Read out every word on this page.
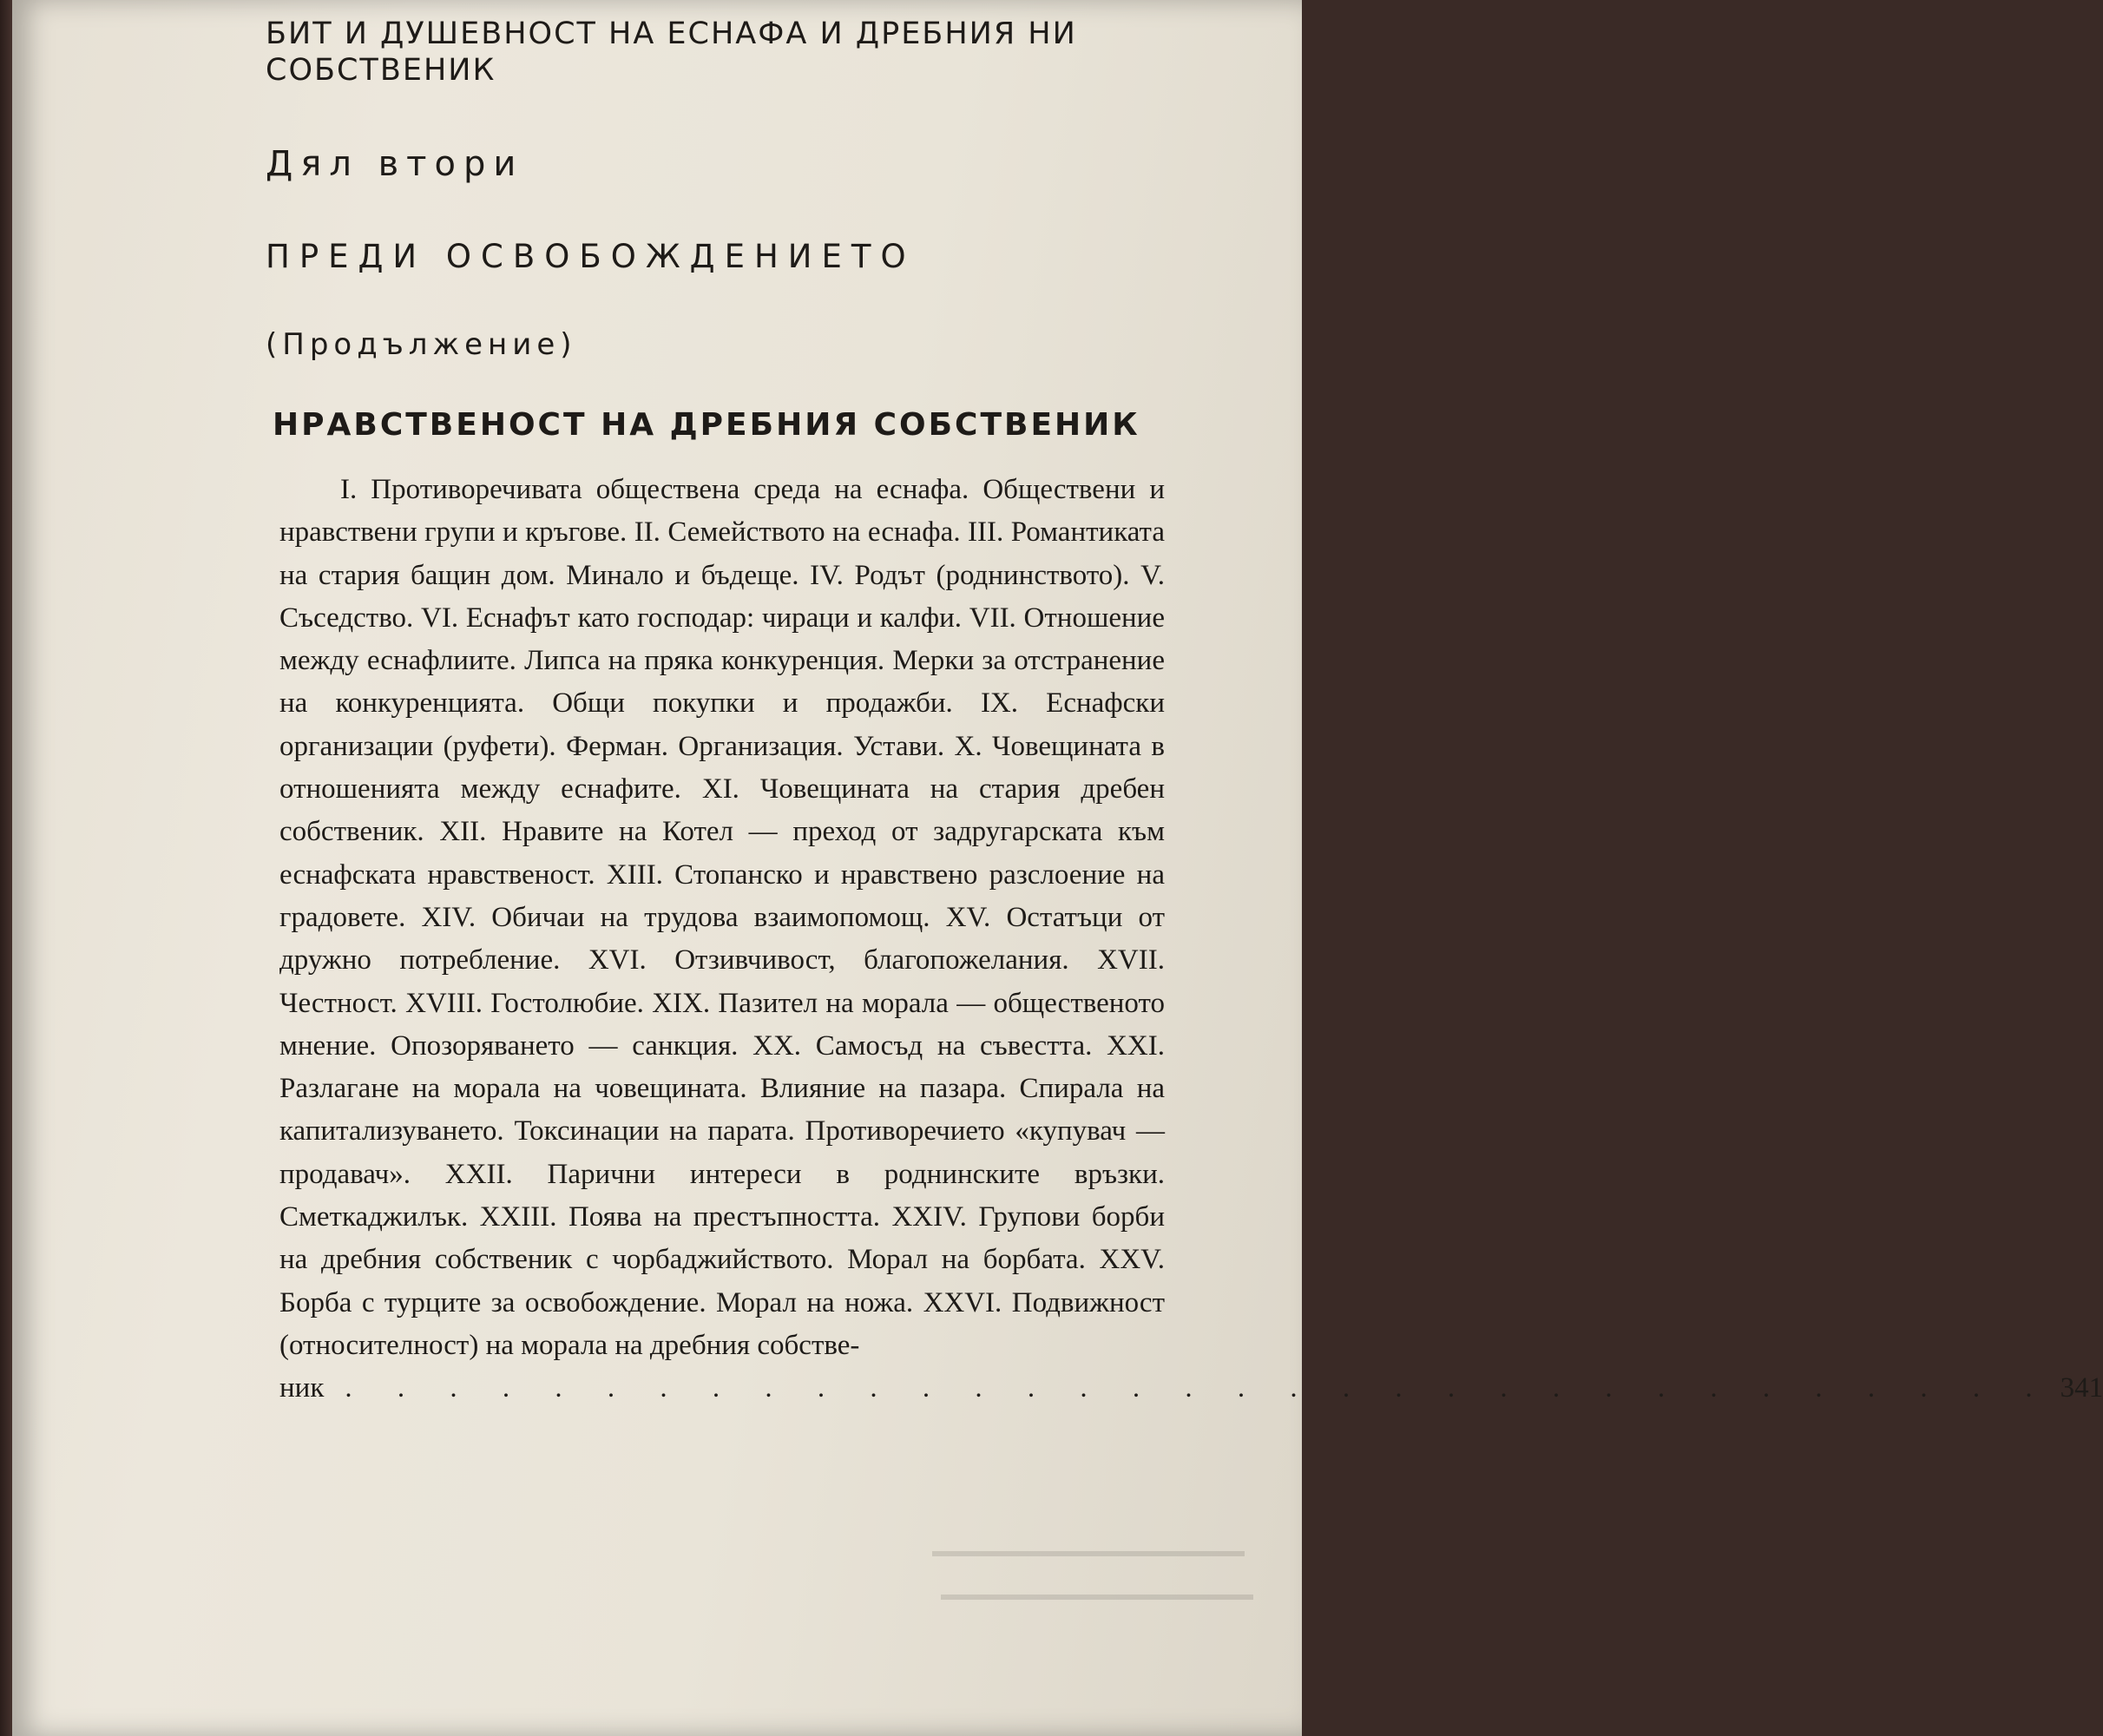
БИТ И ДУШЕВНОСТ НА ЕСНАФА И ДРЕБНИЯ НИ СОБСТВЕНИК
Дял втори
ПРЕДИ ОСВОБОЖДЕНИЕТО
(Продължение)
НРАВСТВЕНОСТ НА ДРЕБНИЯ СОБСТВЕНИК

I. Противоречивата обществена среда на еснафа. Обществени и нравствени групи и кръгове. II. Семейството на еснафа. III. Романтиката на стария бащин дом. Минало и бъдеще. IV. Родът (роднинството). V. Съседство. VI. Еснафът като господар: чираци и калфи. VII. Отношение между еснафлиите. Липса на пряка конкуренция. Мерки за отстранение на конкуренцията. Общи покупки и продажби. IX. Еснафски организации (руфети). Ферман. Организация. Устави. X. Човещината в отношенията между еснафите. XI. Човещината на стария дребен собственик. XII. Нравите на Котел — преход от задругарската към еснафската нравственост. XIII. Стопанско и нравствено разслоение на градовете. XIV. Обичаи на трудова взаимопомощ. XV. Остатъци от дружно потребление. XVI. Отзивчивост, благопожелания. XVII. Честност. XVIII. Гостолюбие. XIX. Пазител на морала — общественото мнение. Опозоряването — санкция. XX. Самосъд на съвестта. XXI. Разлагане на морала на човещината. Влияние на пазара. Спирала на капитализуването. Токсинации на парата. Противоречието «купувач — продавач». XXII. Парични интереси в роднинските връзки. Сметкаджилък. XXIII. Поява на престъпността. XXIV. Групови борби на дребния собственик с чорбаджийството. Морал на борбата. XXV. Борба с турците за освобождение. Морал на ножа. XXVI. Подвижност (относителност) на морала на дребния собстве-

ник . . . . . . . . . . . . . . . . . . . . . . . . . . . . . . . . . 341
